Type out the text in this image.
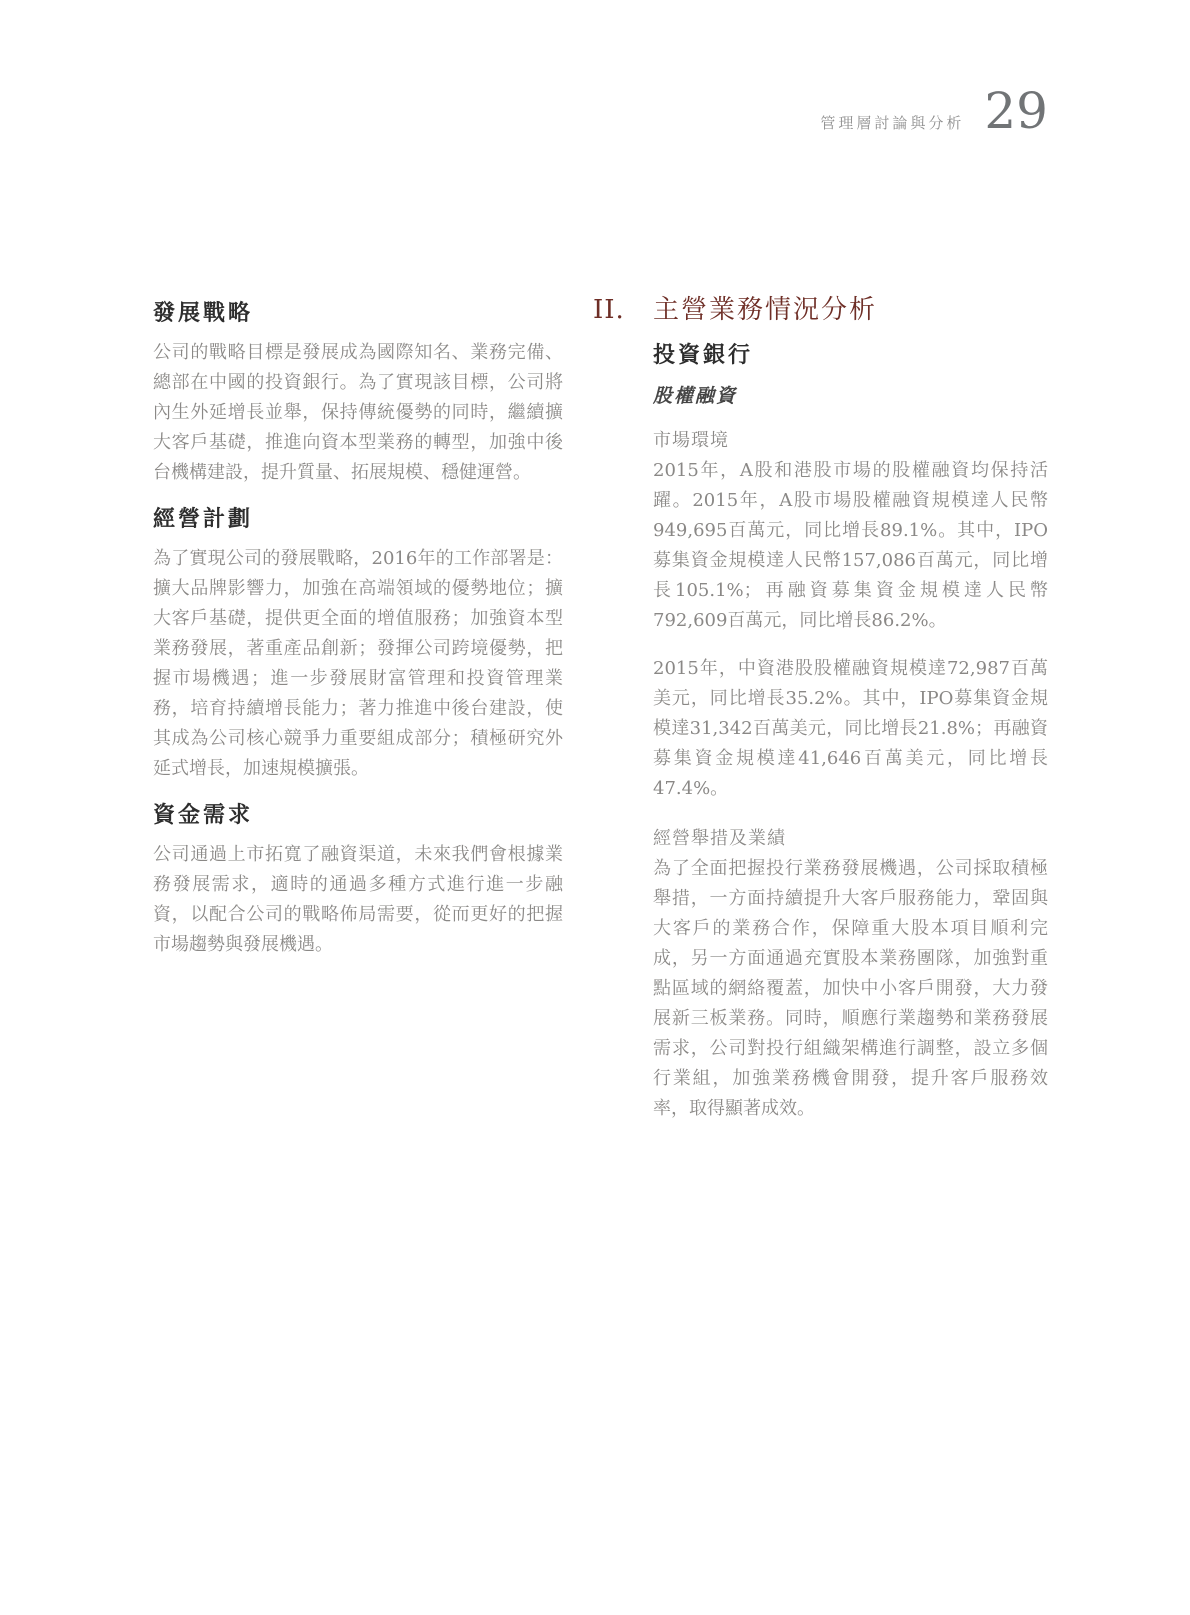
管理層討論與分析 29
發展戰略

公司的戰略目標是發展成為國際知名、業務完備、總部在中國的投資銀行。為了實現該目標，公司將內生外延增長並舉，保持傳統優勢的同時，繼續擴大客戶基礎，推進向資本型業務的轉型，加強中後台機構建設，提升質量、拓展規模、穩健運營。

經營計劃

為了實現公司的發展戰略，2016年的工作部署是：擴大品牌影響力，加強在高端領域的優勢地位；擴大客戶基礎，提供更全面的增值服務；加強資本型業務發展，著重產品創新；發揮公司跨境優勢，把握市場機遇；進一步發展財富管理和投資管理業務，培育持續增長能力；著力推進中後台建設，使其成為公司核心競爭力重要組成部分；積極研究外延式增長，加速規模擴張。

資金需求

公司通過上市拓寬了融資渠道，未來我們會根據業務發展需求，適時的通過多種方式進行進一步融資，以配合公司的戰略佈局需要，從而更好的把握市場趨勢與發展機遇。

II.	主營業務情況分析
投資銀行
股權融資
市場環境

2015年，A股和港股市場的股權融資均保持活躍。2015年，A股市場股權融資規模達人民幣949,695百萬元，同比增長89.1%。其中，IPO募集資金規模達人民幣157,086百萬元，同比增長105.1%；再融資募集資金規模達人民幣792,609百萬元，同比增長86.2%。

2015年，中資港股股權融資規模達72,987百萬美元，同比增長35.2%。其中，IPO募集資金規模達31,342百萬美元，同比增長21.8%；再融資募集資金規模達41,646百萬美元，同比增長47.4%。

經營舉措及業績

為了全面把握投行業務發展機遇，公司採取積極舉措，一方面持續提升大客戶服務能力，鞏固與大客戶的業務合作，保障重大股本項目順利完成，另一方面通過充實股本業務團隊，加強對重點區域的網絡覆蓋，加快中小客戶開發，大力發展新三板業務。同時，順應行業趨勢和業務發展需求，公司對投行組織架構進行調整，設立多個行業組，加強業務機會開發，提升客戶服務效率，取得顯著成效。
